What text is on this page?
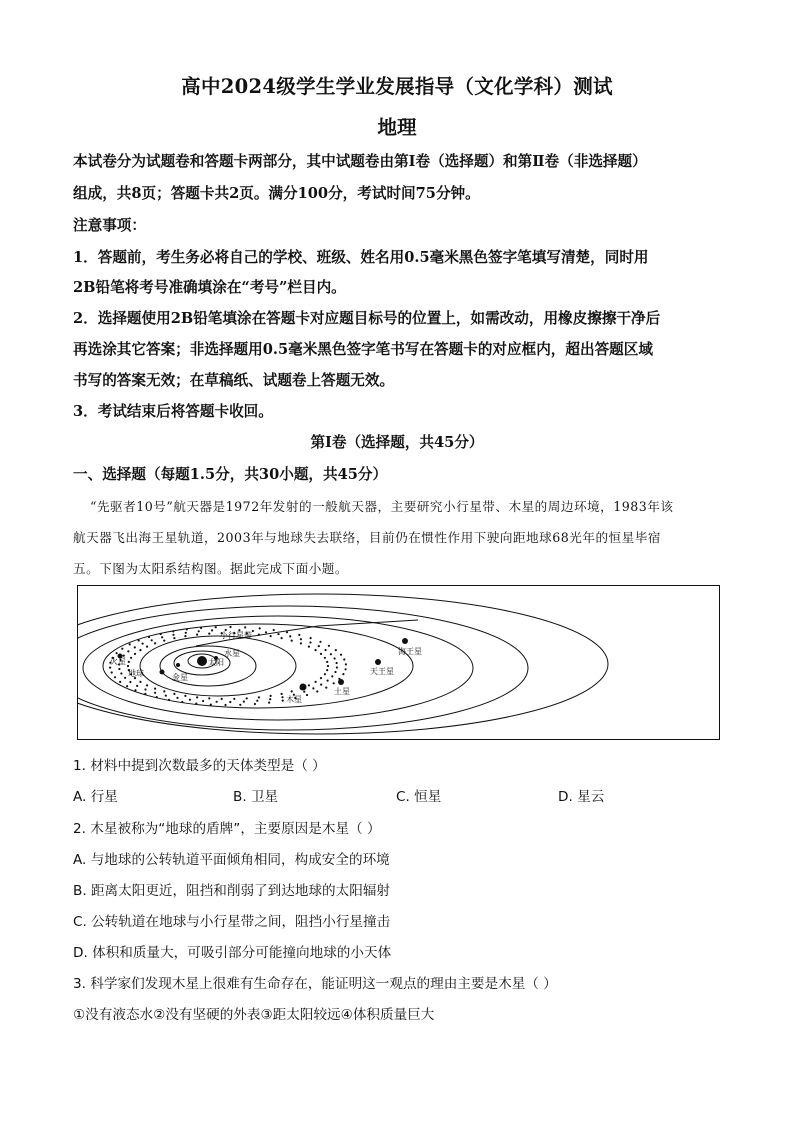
高中2024级学生学业发展指导（文化学科）测试
地理
本试卷分为试题卷和答题卡两部分，其中试题卷由第Ⅰ卷（选择题）和第Ⅱ卷（非选择题）
组成，共8页；答题卡共2页。满分100分，考试时间75分钟。
注意事项：
1．答题前，考生务必将自己的学校、班级、姓名用0.5毫米黑色签字笔填写清楚，同时用
2B铅笔将考号准确填涂在“考号”栏目内。
2．选择题使用2B铅笔填涂在答题卡对应题目标号的位置上，如需改动，用橡皮擦擦干净后
再选涂其它答案；非选择题用0.5毫米黑色签字笔书写在答题卡的对应框内，超出答题区域
书写的答案无效；在草稿纸、试题卷上答题无效。
3．考试结束后将答题卡收回。
第Ⅰ卷（选择题，共45分）
一、选择题（每题1.5分，共30小题，共45分）
“先驱者10号”航天器是1972年发射的一般航天器，主要研究小行星带、木星的周边环境，1983年该
航天器飞出海王星轨道，2003年与地球失去联络，目前仍在惯性作用下驶向距地球68光年的恒星毕宿
五。下图为太阳系结构图。据此完成下面小题。
太阳
水星
金星
地球
火星
木星
土星
天王星
海王星
小行星带
1. 材料中提到次数最多的天体类型是（ ）
A. 行星	B. 卫星	C. 恒星	D. 星云
2. 木星被称为“地球的盾牌”，主要原因是木星（ ）
A. 与地球的公转轨道平面倾角相同，构成安全的环境
B. 距离太阳更近，阻挡和削弱了到达地球的太阳辐射
C. 公转轨道在地球与小行星带之间，阻挡小行星撞击
D. 体积和质量大，可吸引部分可能撞向地球的小天体
3. 科学家们发现木星上很难有生命存在，能证明这一观点的理由主要是木星（ ）
①没有液态水②没有坚硬的外表③距太阳较远④体积质量巨大
